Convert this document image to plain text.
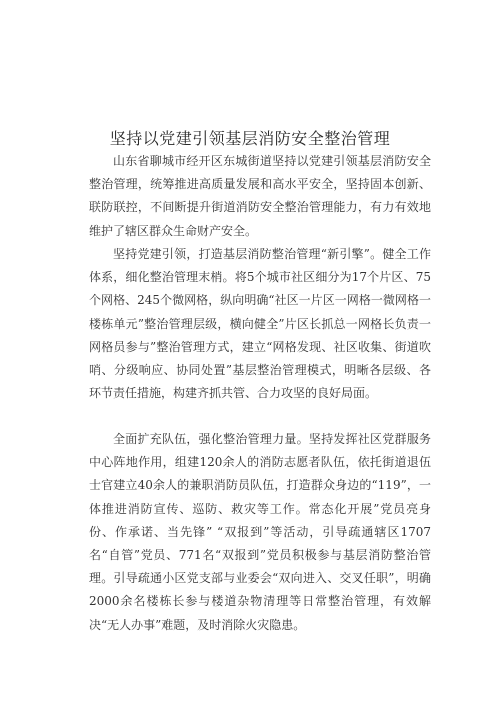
坚持以党建引领基层消防安全整治管理

山东省聊城市经开区东城街道坚持以党建引领基层消防安全整治管理，统筹推进高质量发展和高水平安全，坚持固本创新、联防联控，不间断提升街道消防安全整治管理能力，有力有效地维护了辖区群众生命财产安全。

坚持党建引领，打造基层消防整治管理“新引擎”。健全工作体系，细化整治管理末梢。将5个城市社区细分为17个片区、75个网格、245个微网格，纵向明确“社区一片区一网格一微网格一楼栋单元”整治管理层级，横向健全”片区长抓总一网格长负责一网格员参与”整治管理方式，建立“网格发现、社区收集、街道吹哨、分级响应、协同处置”基层整治管理模式，明晰各层级、各环节责任措施，构建齐抓共管、合力攻坚的良好局面。

全面扩充队伍，强化整治管理力量。坚持发挥社区党群服务中心阵地作用，组建120余人的消防志愿者队伍，依托街道退伍士官建立40余人的兼职消防员队伍，打造群众身边的“119”，一体推进消防宣传、巡防、救灾等工作。常态化开展”党员亮身份、作承诺、当先锋” “双报到”等活动，引导疏通辖区1707名“自管”党员、771名“双报到”党员积极参与基层消防整治管理。引导疏通小区党支部与业委会“双向进入、交叉任职”，明确2000余名楼栋长参与楼道杂物清理等日常整治管理，有效解决“无人办事”难题，及时消除火灾隐患。
